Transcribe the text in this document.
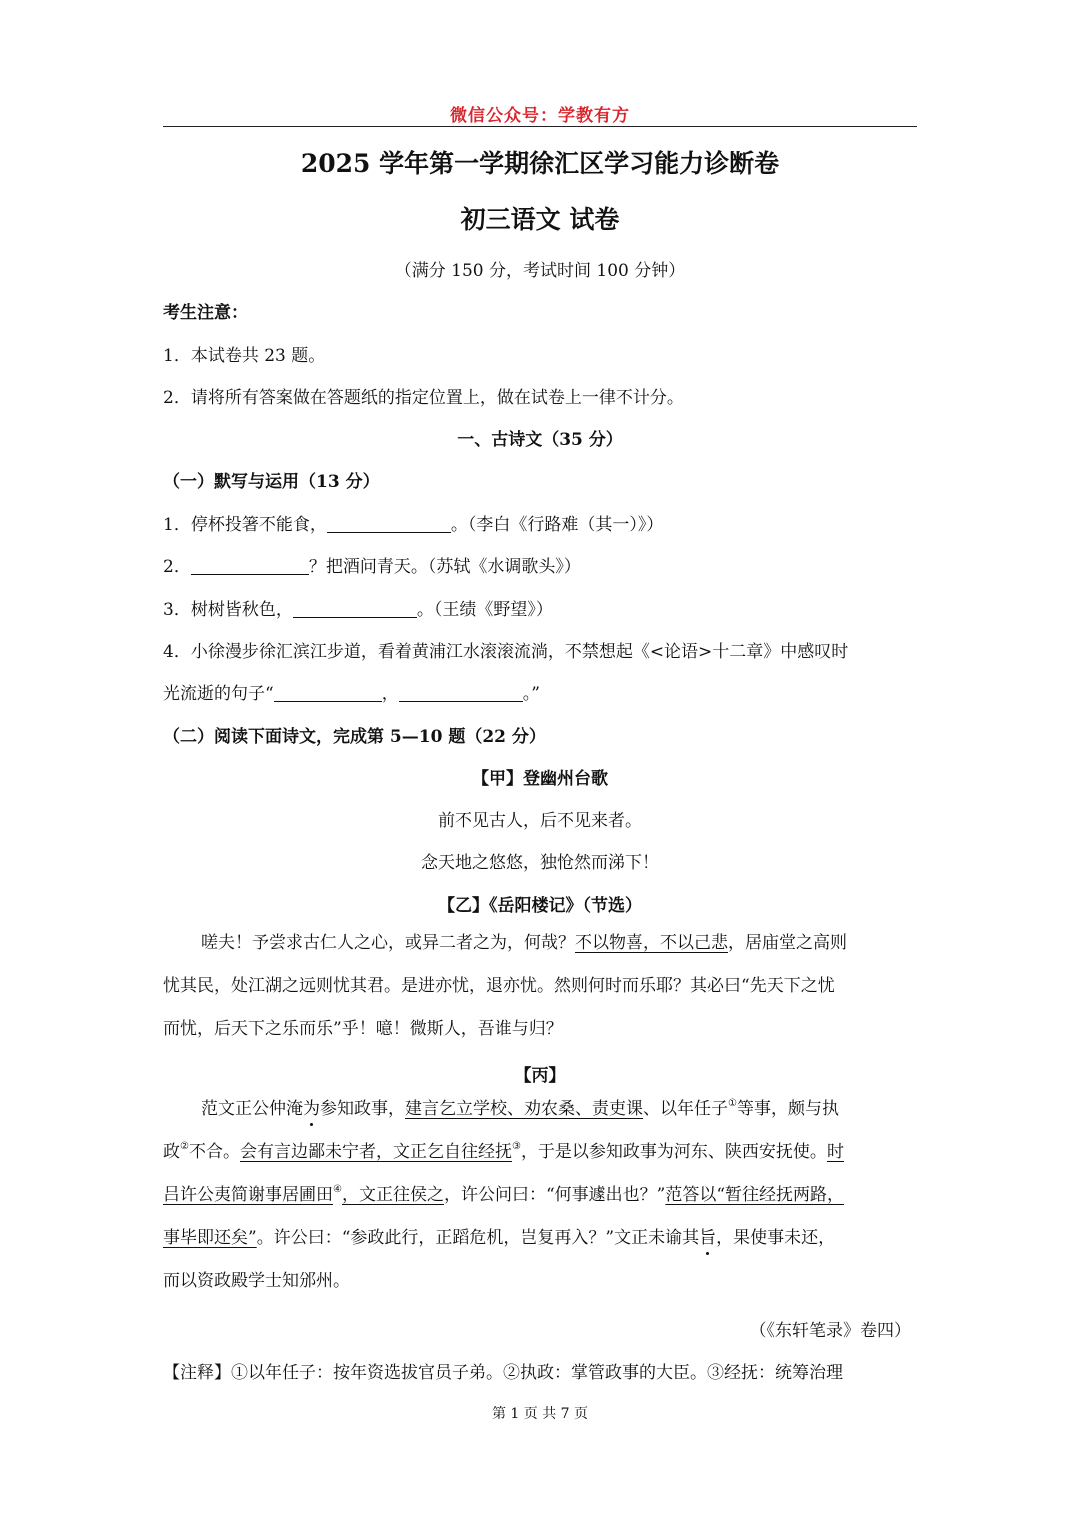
微信公众号：学教有方
2025 学年第一学期徐汇区学习能力诊断卷
初三语文 试卷
（满分 150 分，考试时间 100 分钟）
考生注意：
1．本试卷共 23 题。
2．请将所有答案做在答题纸的指定位置上，做在试卷上一律不计分。
一、古诗文（35 分）
（一）默写与运用（13 分）
1．停杯投箸不能食，	。（李白《行路难（其一）》）
2．	？把酒问青天。（苏轼《水调歌头》）
3．树树皆秋色，	。（王绩《野望》）
4．小徐漫步徐汇滨江步道，看着黄浦江水滚滚流淌，不禁想起《<论语>十二章》中感叹时
光流逝的句子“	，	。”
（二）阅读下面诗文，完成第 5—10 题（22 分）
【甲】登幽州台歌
前不见古人，后不见来者。
念天地之悠悠，独怆然而涕下！
【乙】《岳阳楼记》（节选）
嗟夫！予尝求古仁人之心，或异二者之为，何哉？不以物喜，不以己悲，居庙堂之高则
忧其民，处江湖之远则忧其君。是进亦忧，退亦忧。然则何时而乐耶？其必曰“先天下之忧
而忧，后天下之乐而乐”乎！噫！微斯人，吾谁与归？
【丙】
范文正公仲淹为参知政事，建言乞立学校、劝农桑、责吏课、以年任子①等事，颇与执
政②不合。会有言边鄙未宁者，文正乞自往经抚③，于是以参知政事为河东、陕西安抚使。时
吕许公夷简谢事居圃田④，文正往侯之，许公问曰：“何事遽出也？”范答以“暂往经抚两路，
事毕即还矣”。许公曰：“参政此行，正蹈危机，岂复再入？”文正未谕其旨，果使事未还，
而以资政殿学士知邠州。
（《东轩笔录》卷四）
【注释】①以年任子：按年资选拔官员子弟。②执政：掌管政事的大臣。③经抚：统筹治理
第 1 页 共 7 页
